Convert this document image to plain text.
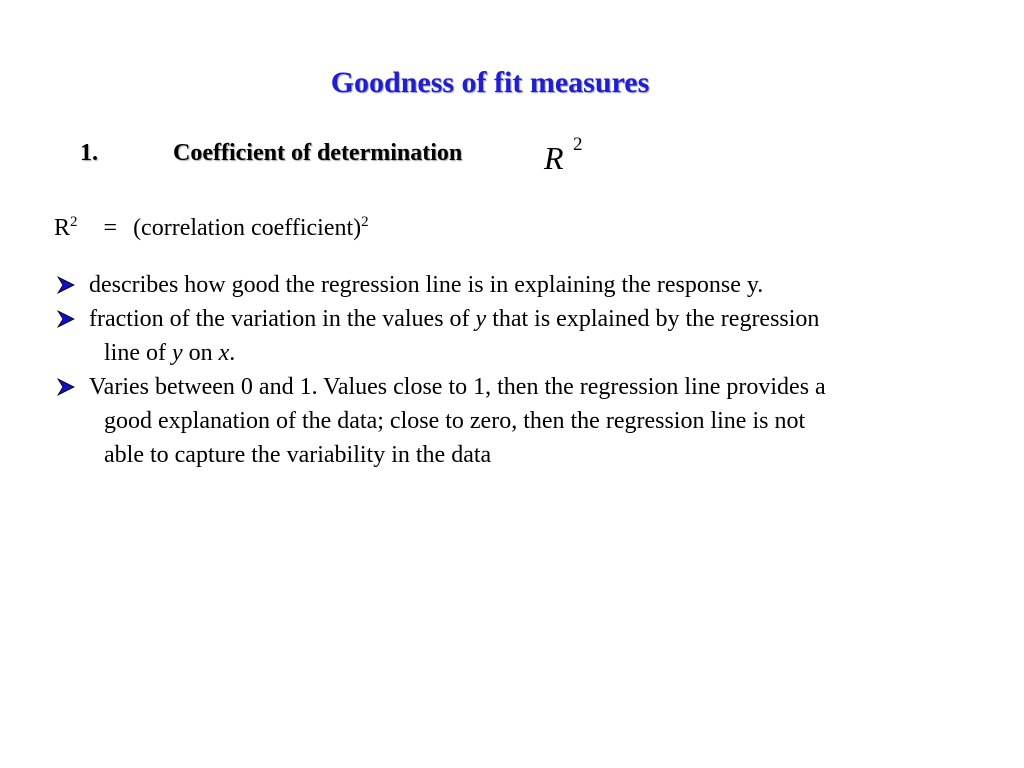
Goodness of fit measures
1.	Coefficient of determination	R 2
$R^2$ = (correlation coefficient)$^2$
describes how good the regression line is in explaining the response y.
fraction of the variation in the values of y that is explained by the regression
line of y on x.
Varies between 0 and 1. Values close to 1, then the regression line provides a
good explanation of the data; close to zero, then the regression line is not
able to capture the variability in the data
